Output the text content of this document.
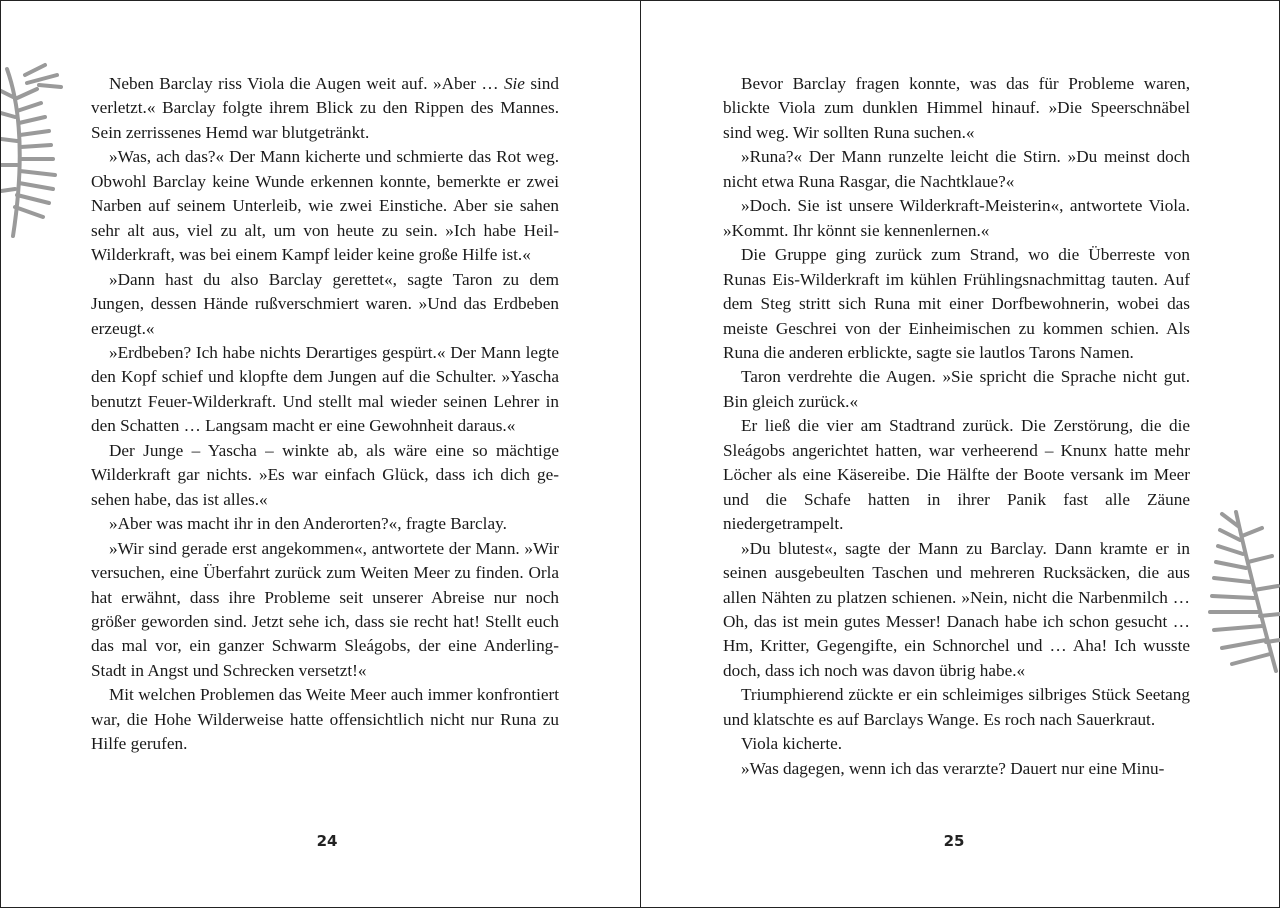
Neben Barclay riss Viola die Augen weit auf. »Aber … Sie sind verletzt.« Barclay folgte ihrem Blick zu den Rippen des Mannes. Sein zerrissenes Hemd war blutgetränkt.

»Was, ach das?« Der Mann kicherte und schmierte das Rot weg. Obwohl Barclay keine Wunde erkennen konnte, bemerkte er zwei Narben auf seinem Unterleib, wie zwei Einstiche. Aber sie sahen sehr alt aus, viel zu alt, um von heute zu sein. »Ich habe Heil-Wilderkraft, was bei einem Kampf leider keine große Hilfe ist.«

»Dann hast du also Barclay gerettet«, sagte Taron zu dem Jungen, dessen Hände rußverschmiert waren. »Und das Erdbeben erzeugt.«

»Erdbeben? Ich habe nichts Derartiges gespürt.« Der Mann legte den Kopf schief und klopfte dem Jungen auf die Schulter. »Yascha benutzt Feuer-Wilderkraft. Und stellt mal wieder seinen Lehrer in den Schatten … Langsam macht er eine Gewohnheit daraus.«

Der Junge – Yascha – winkte ab, als wäre eine so mächtige Wilderkraft gar nichts. »Es war einfach Glück, dass ich dich gesehen habe, das ist alles.«

»Aber was macht ihr in den Anderorten?«, fragte Barclay.

»Wir sind gerade erst angekommen«, antwortete der Mann. »Wir versuchen, eine Überfahrt zurück zum Weiten Meer zu finden. Orla hat erwähnt, dass ihre Probleme seit unserer Abreise nur noch größer geworden sind. Jetzt sehe ich, dass sie recht hat! Stellt euch das mal vor, ein ganzer Schwarm Sleágobs, der eine Anderling-Stadt in Angst und Schrecken versetzt!«

Mit welchen Problemen das Weite Meer auch immer konfrontiert war, die Hohe Wilderweise hatte offensichtlich nicht nur Runa zu Hilfe gerufen.

24

Bevor Barclay fragen konnte, was das für Probleme waren, blickte Viola zum dunklen Himmel hinauf. »Die Speerschnäbel sind weg. Wir sollten Runa suchen.«

»Runa?« Der Mann runzelte leicht die Stirn. »Du meinst doch nicht etwa Runa Rasgar, die Nachtklaue?«

»Doch. Sie ist unsere Wilderkraft-Meisterin«, antwortete Viola. »Kommt. Ihr könnt sie kennenlernen.«

Die Gruppe ging zurück zum Strand, wo die Überreste von Runas Eis-Wilderkraft im kühlen Frühlingsnachmittag tauten. Auf dem Steg stritt sich Runa mit einer Dorfbewohnerin, wobei das meiste Geschrei von der Einheimischen zu kommen schien. Als Runa die anderen erblickte, sagte sie lautlos Tarons Namen.

Taron verdrehte die Augen. »Sie spricht die Sprache nicht gut. Bin gleich zurück.«

Er ließ die vier am Stadtrand zurück. Die Zerstörung, die die Sleágobs angerichtet hatten, war verheerend – Knunx hatte mehr Löcher als eine Käsereibe. Die Hälfte der Boote versank im Meer und die Schafe hatten in ihrer Panik fast alle Zäune niedergetrampelt.

»Du blutest«, sagte der Mann zu Barclay. Dann kramte er in seinen ausgebeulten Taschen und mehreren Rucksäcken, die aus allen Nähten zu platzen schienen. »Nein, nicht die Narbenmilch … Oh, das ist mein gutes Messer! Danach habe ich schon gesucht … Hm, Kritter, Gegengifte, ein Schnorchel und … Aha! Ich wusste doch, dass ich noch was davon übrig habe.«

Triumphierend zückte er ein schleimiges silbriges Stück Seetang und klatschte es auf Barclays Wange. Es roch nach Sauerkraut.

Viola kicherte.

»Was dagegen, wenn ich das verarzte? Dauert nur eine Minu-

25
